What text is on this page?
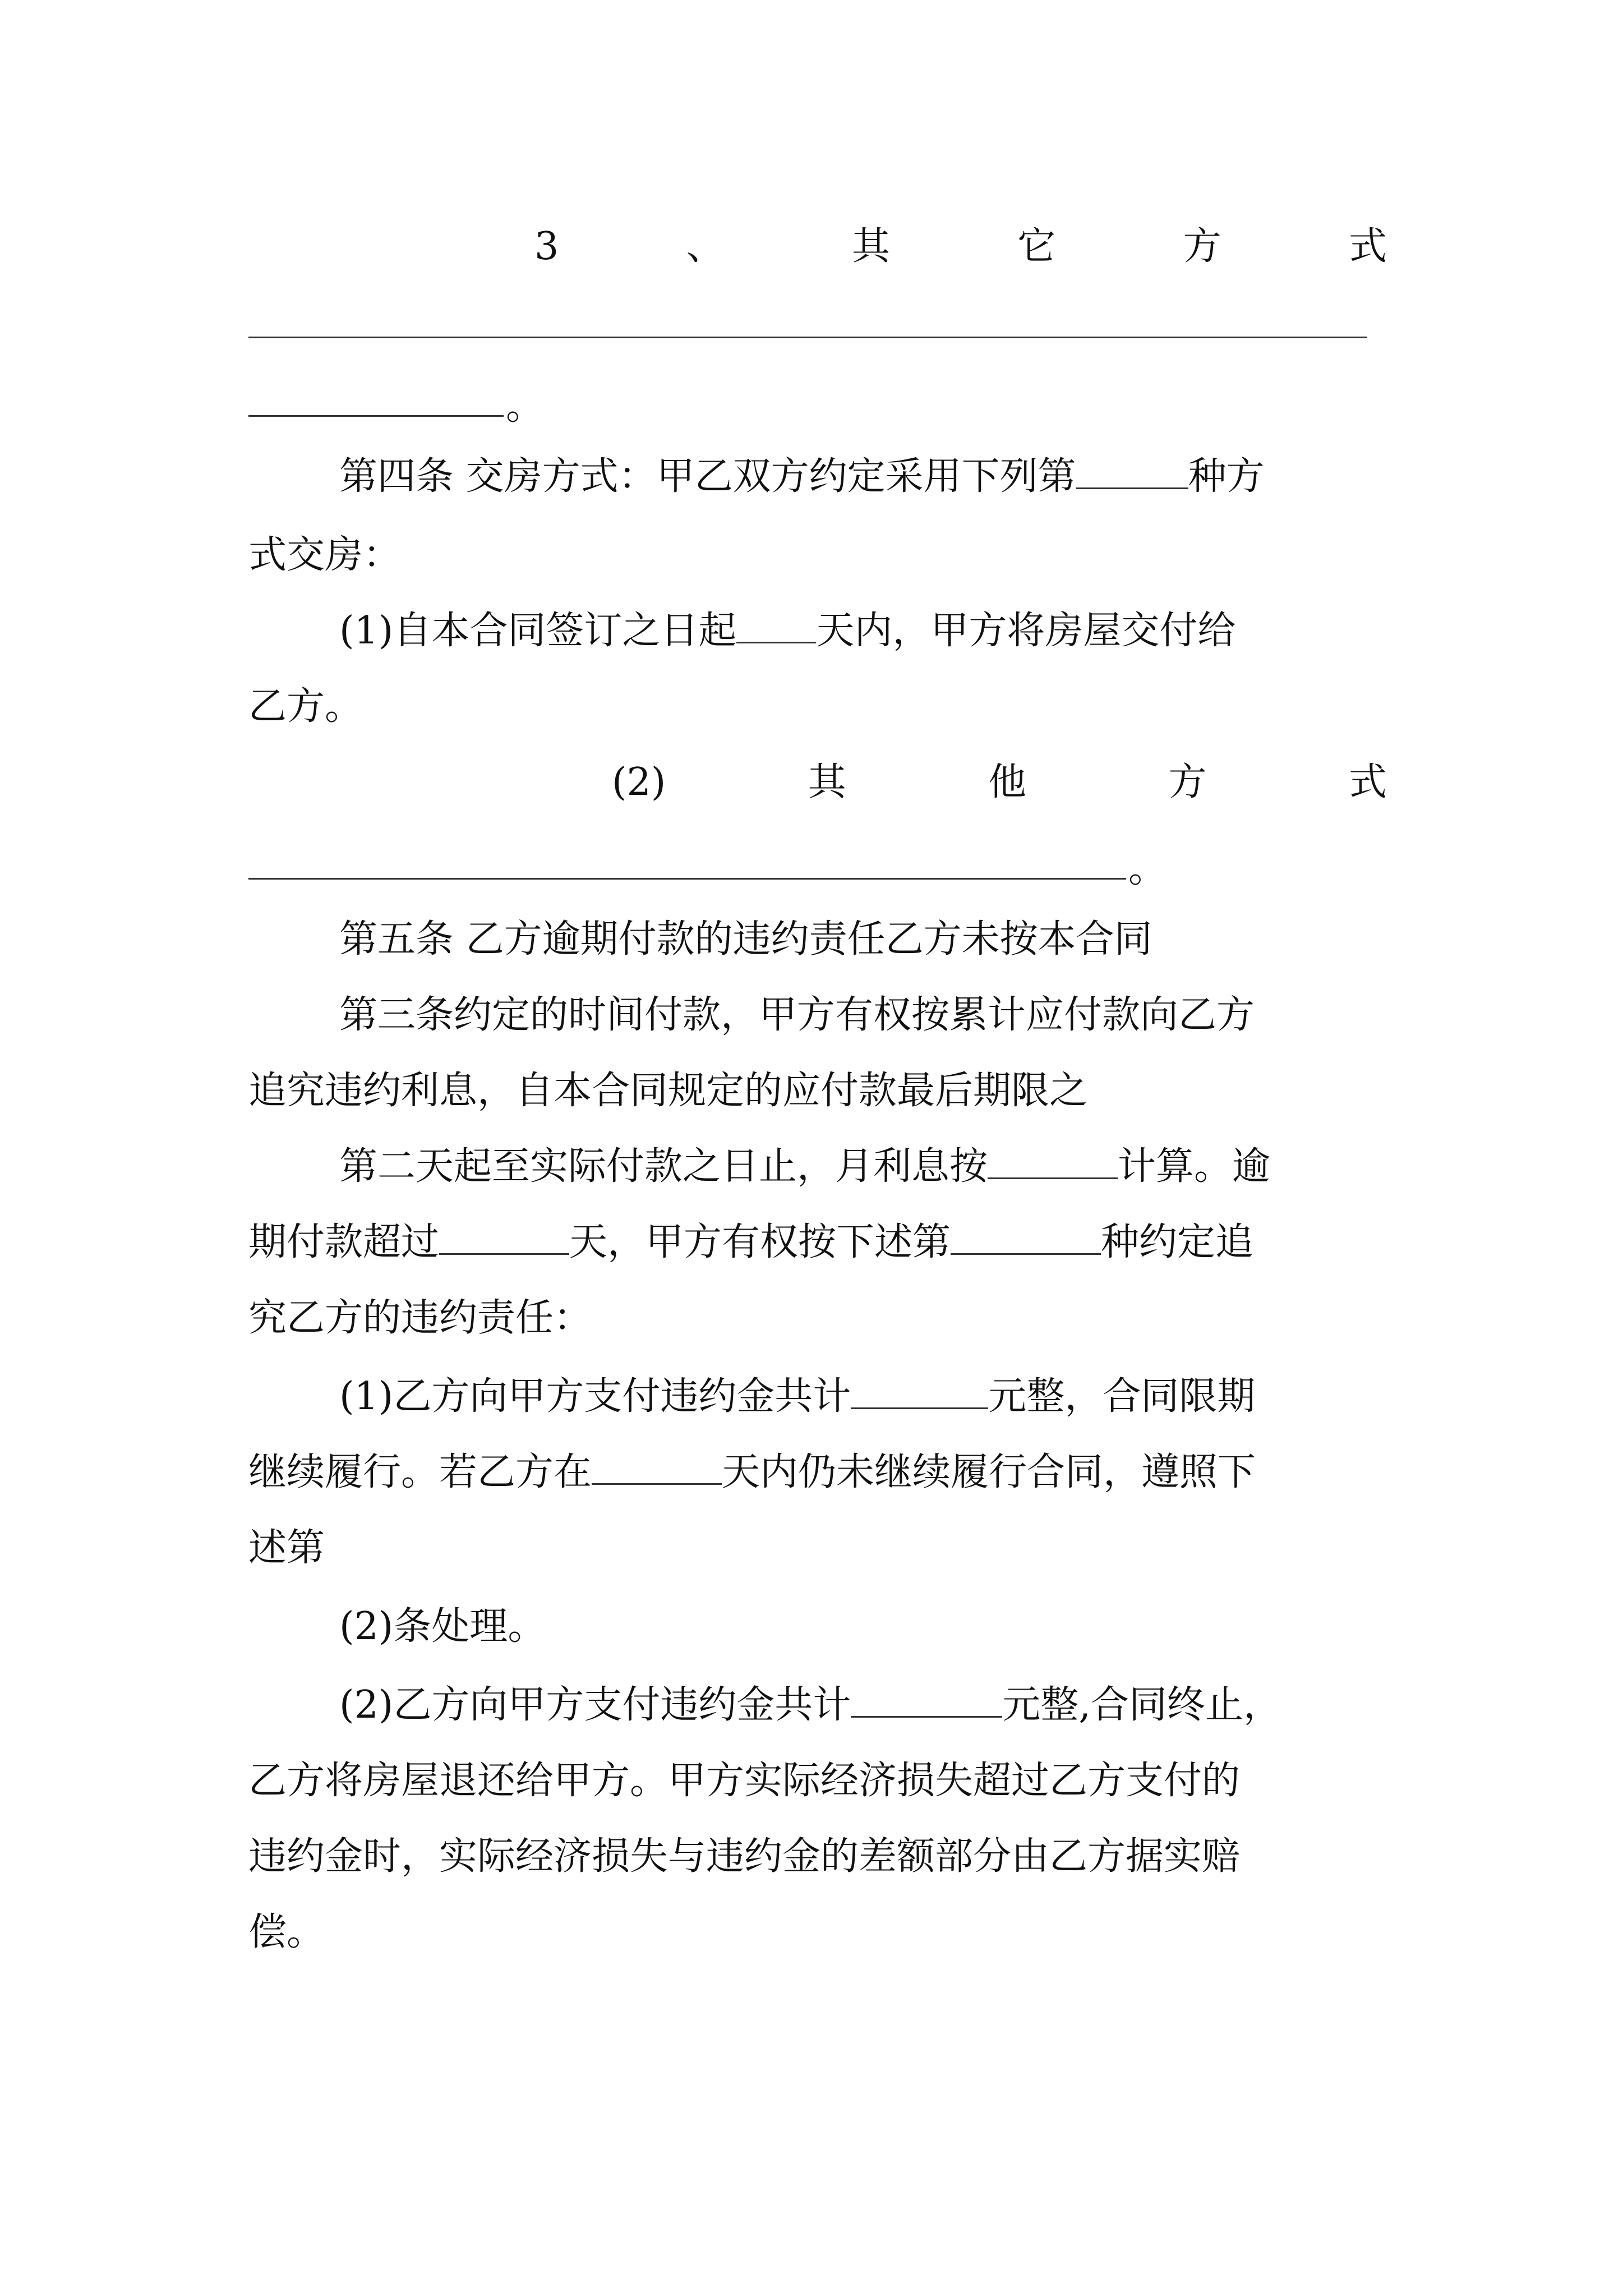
3	、	其	它	方	式
。
第四条 交房方式：甲乙双方约定采用下列第	种方
式交房：
(1)自本合同签订之日起 天内，甲方将房屋交付给
乙方。
(2)	其	他	方	式
。
第五条 乙方逾期付款的违约责任乙方未按本合同
第三条约定的时间付款，甲方有权按累计应付款向乙方
追究违约利息，自本合同规定的应付款最后期限之
第二天起至实际付款之日止，月利息按	计算。逾
期付款超过	天，甲方有权按下述第	种约定追
究乙方的违约责任：
(1)乙方向甲方支付违约金共计	元整，合同限期
继续履行。若乙方在	天内仍未继续履行合同，遵照下
述第
(2)条处理。
(2)乙方向甲方支付违约金共计	元整,合同终止，
乙方将房屋退还给甲方。甲方实际经济损失超过乙方支付的
违约金时，实际经济损失与违约金的差额部分由乙方据实赔
偿。
